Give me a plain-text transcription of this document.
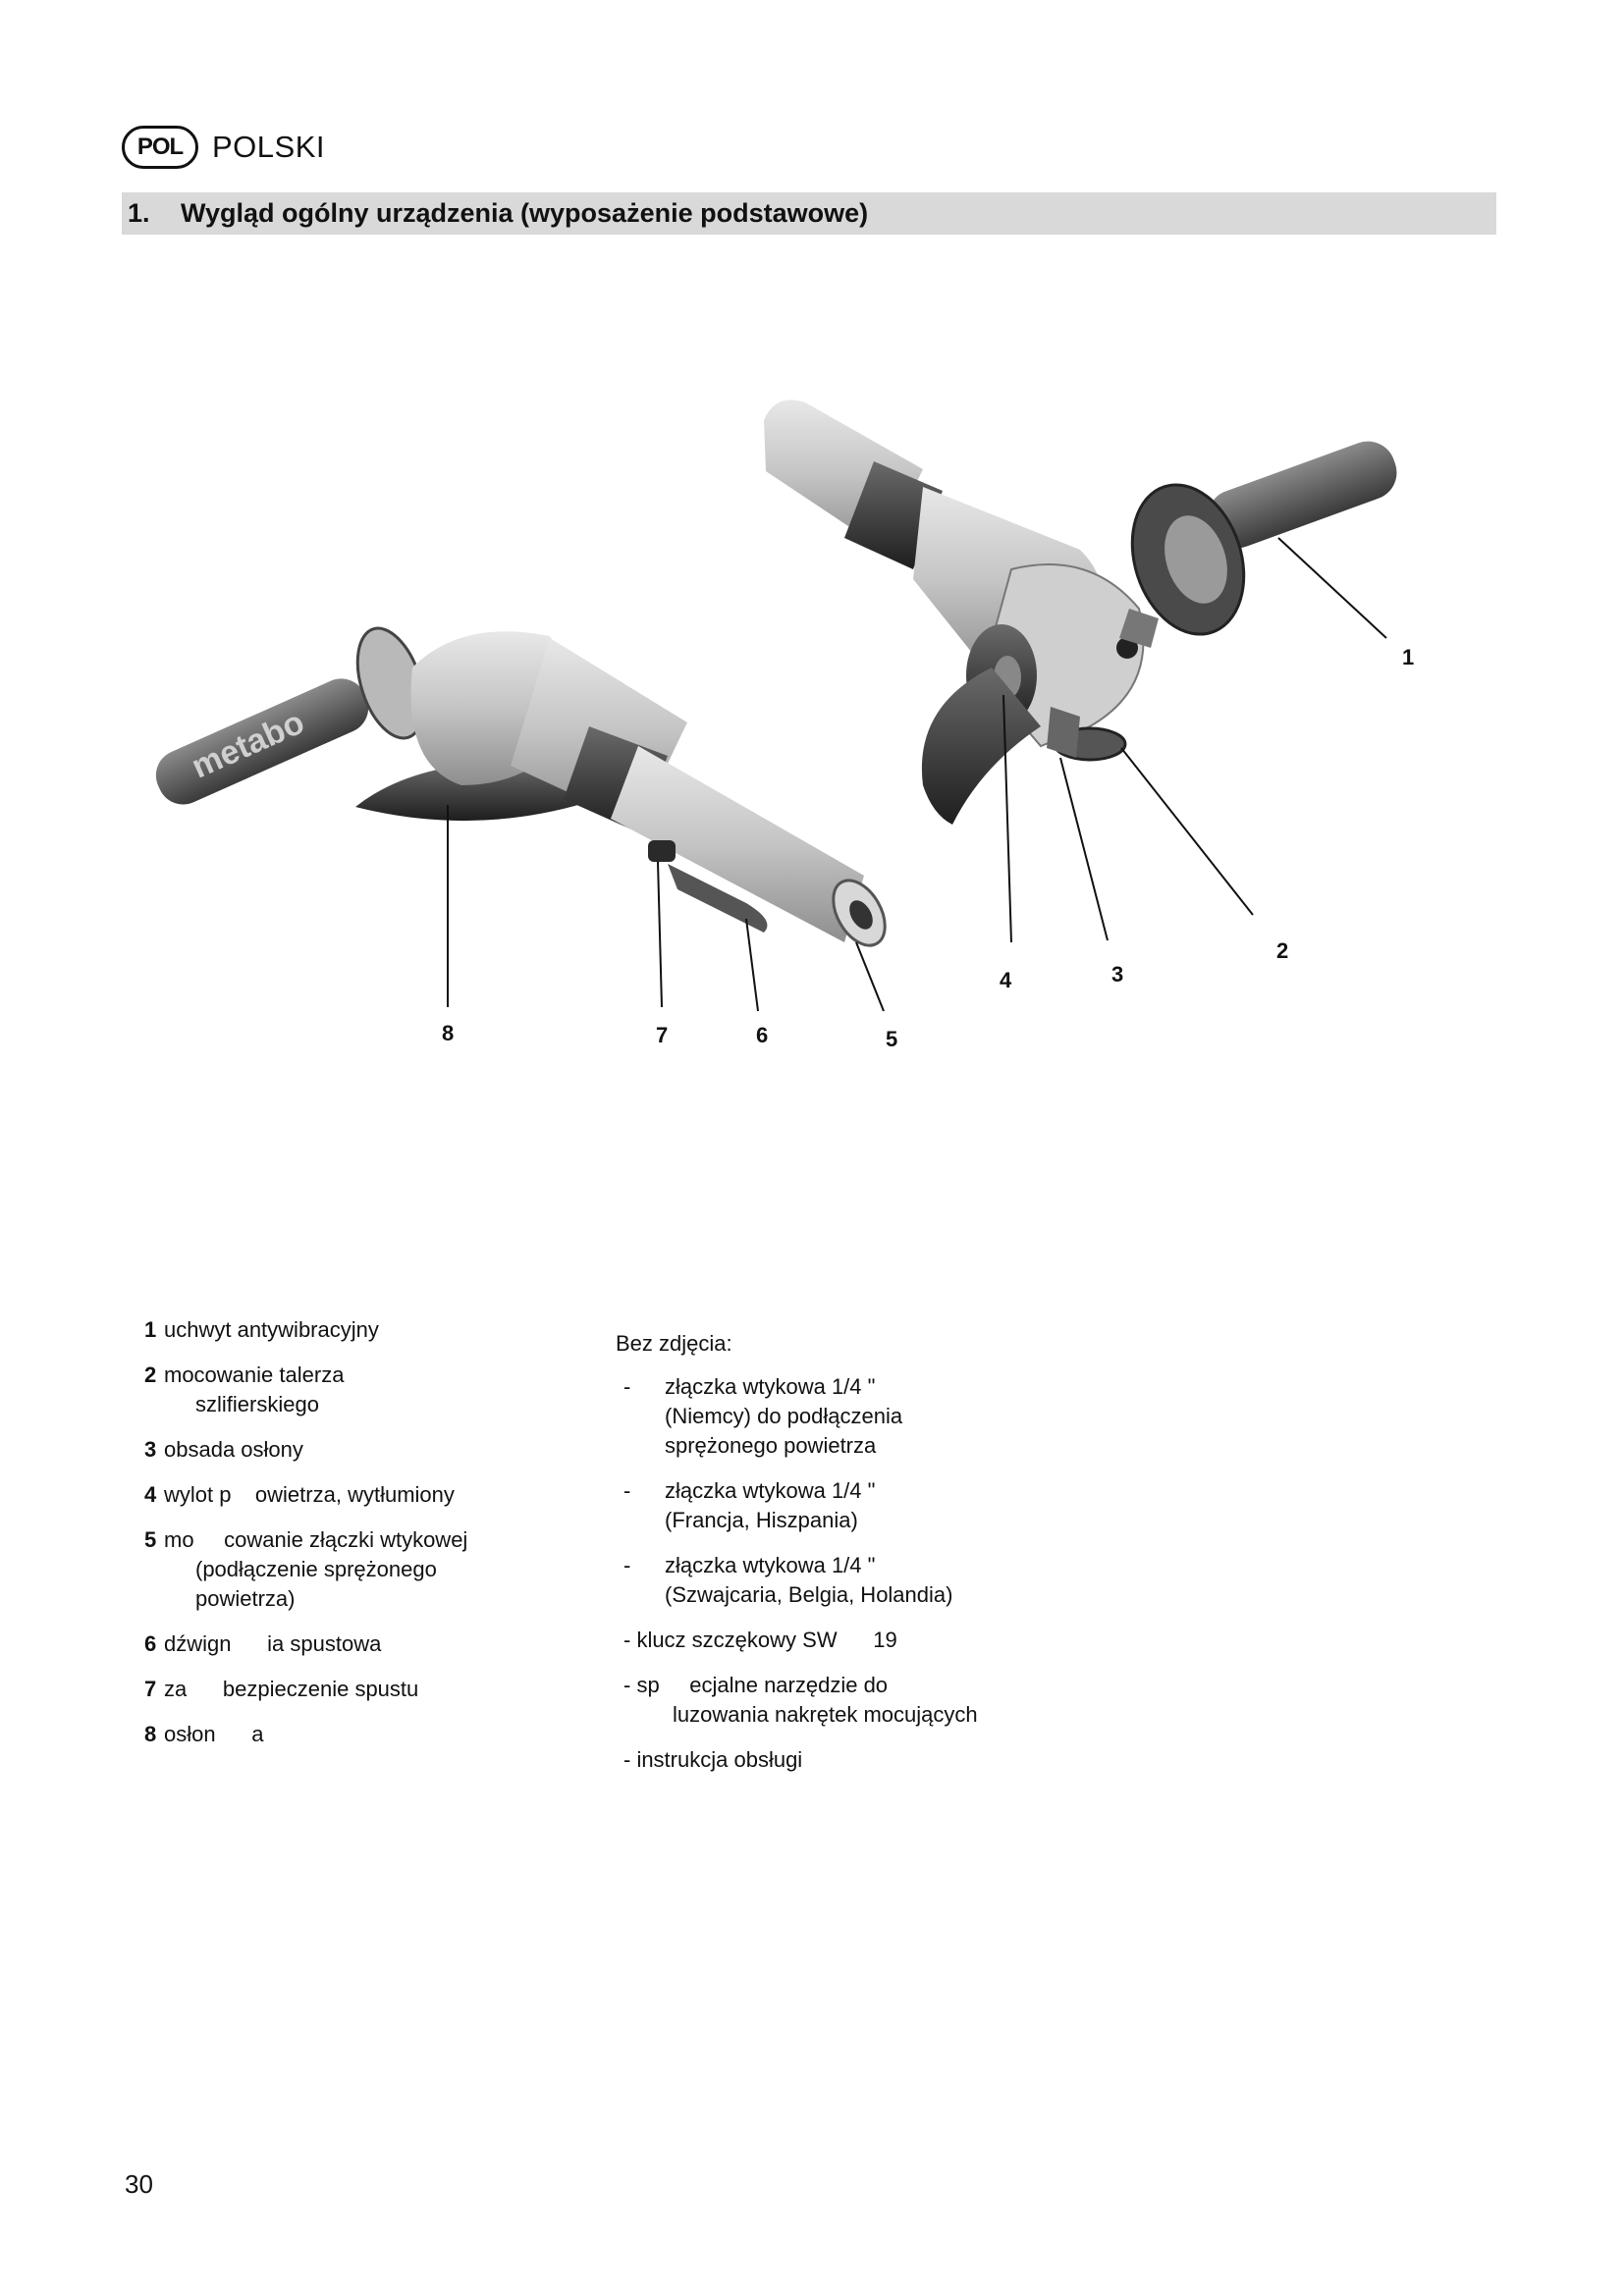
POL POLSKI
1.	Wygląd ogólny urządzenia (wyposażenie podstawowe)
metabo
1
2
3
4
5
6
7
8
1 uchwyt antywibracyjny
2 mocowanie talerza
szlifierskiego
3 obsada osłony
4 wylot p    owietrza, wytłumiony
5 mo     cowanie złączki wtykowej
(podłączenie sprężonego powietrza)
6 dźwign      ia spustowa
7 za      bezpieczenie spustu
8 osłon      a
Bez zdjęcia:
-	złączka wtykowa 1/4 " (Niemcy) do podłączenia sprężonego powietrza
-	złączka wtykowa 1/4 " (Francja, Hiszpania)
-	złączka wtykowa 1/4 " (Szwajcaria, Belgia, Holandia)
- klucz szczękowy SW      19
- sp     ecjalne narzędzie do
luzowania nakrętek mocujących
- instrukcja obsługi
30
